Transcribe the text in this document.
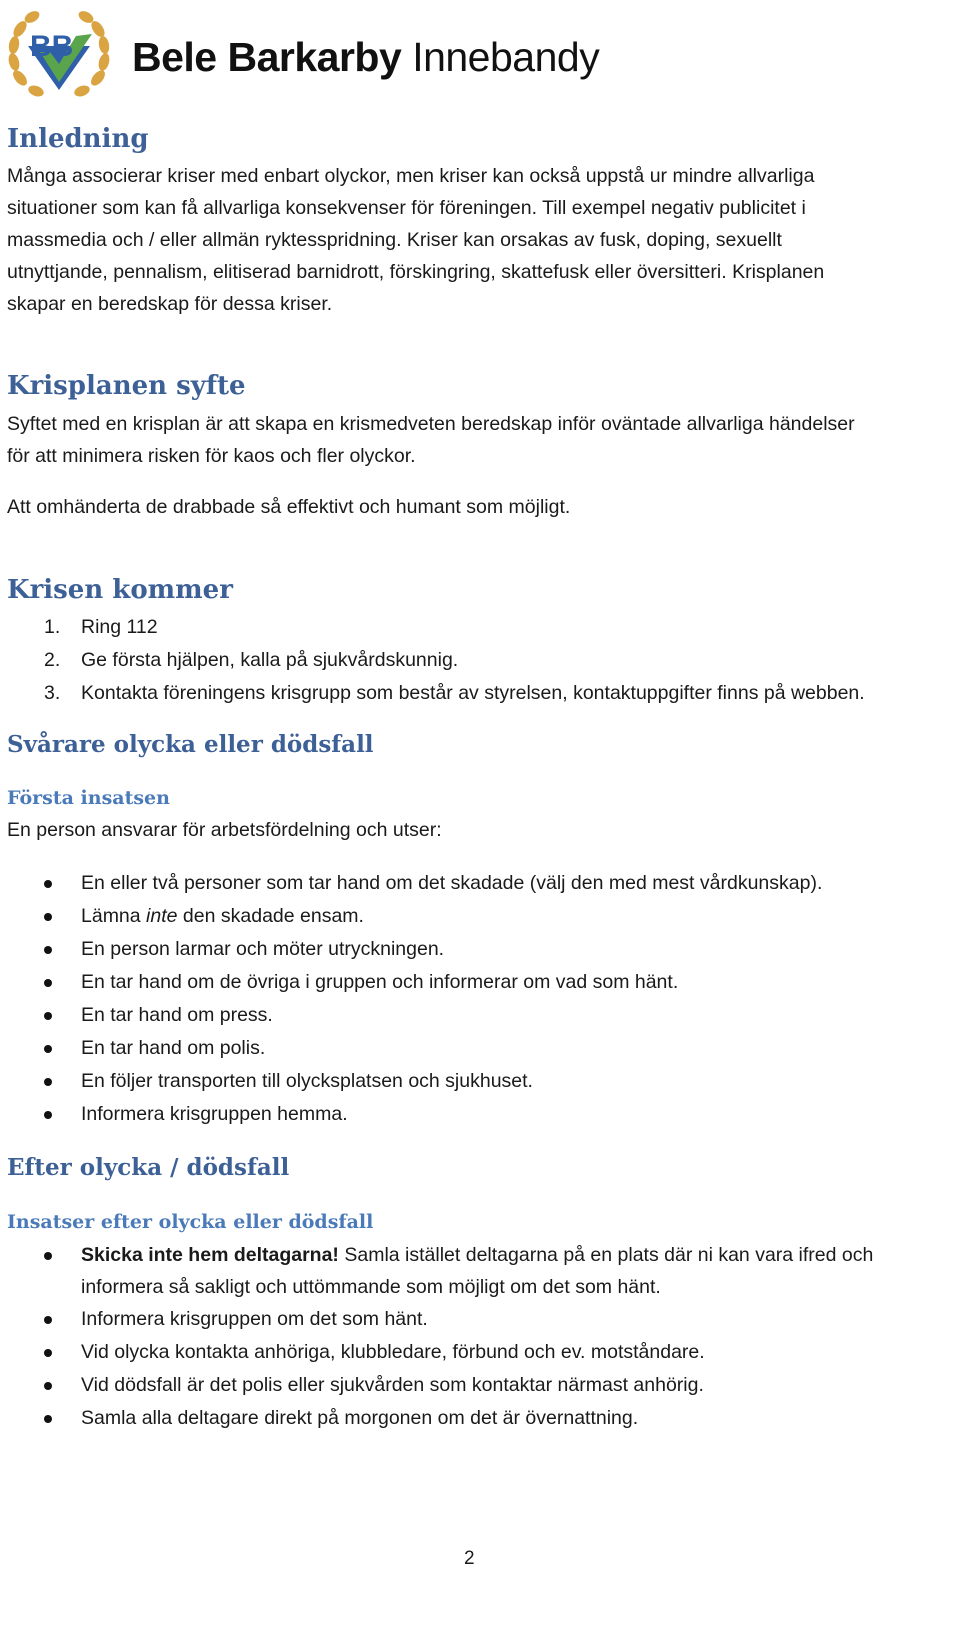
BB Bele Barkarby Innebandy
Inledning
Många associerar kriser med enbart olyckor, men kriser kan också uppstå ur mindre allvarliga
situationer som kan få allvarliga konsekvenser för föreningen. Till exempel negativ publicitet i
massmedia och / eller allmän ryktesspridning. Kriser kan orsakas av fusk, doping, sexuellt
utnyttjande, pennalism, elitiserad barnidrott, förskingring, skattefusk eller översitteri. Krisplanen
skapar en beredskap för dessa kriser.
Krisplanen syfte
Syftet med en krisplan är att skapa en krismedveten beredskap inför oväntade allvarliga händelser
för att minimera risken för kaos och fler olyckor.
Att omhänderta de drabbade så effektivt och humant som möjligt.
Krisen kommer
1. Ring 112
2. Ge första hjälpen, kalla på sjukvårdskunnig.
3. Kontakta föreningens krisgrupp som består av styrelsen, kontaktuppgifter finns på webben.
Svårare olycka eller dödsfall
Första insatsen
En person ansvarar för arbetsfördelning och utser:
En eller två personer som tar hand om det skadade (välj den med mest vårdkunskap).
Lämna inte den skadade ensam.
En person larmar och möter utryckningen.
En tar hand om de övriga i gruppen och informerar om vad som hänt.
En tar hand om press.
En tar hand om polis.
En följer transporten till olycksplatsen och sjukhuset.
Informera krisgruppen hemma.
Efter olycka / dödsfall
Insatser efter olycka eller dödsfall
Skicka inte hem deltagarna! Samla istället deltagarna på en plats där ni kan vara ifred och informera så sakligt och uttömmande som möjligt om det som hänt.
Informera krisgruppen om det som hänt.
Vid olycka kontakta anhöriga, klubbledare, förbund och ev. motståndare.
Vid dödsfall är det polis eller sjukvården som kontaktar närmast anhörig.
Samla alla deltagare direkt på morgonen om det är övernattning.
2
